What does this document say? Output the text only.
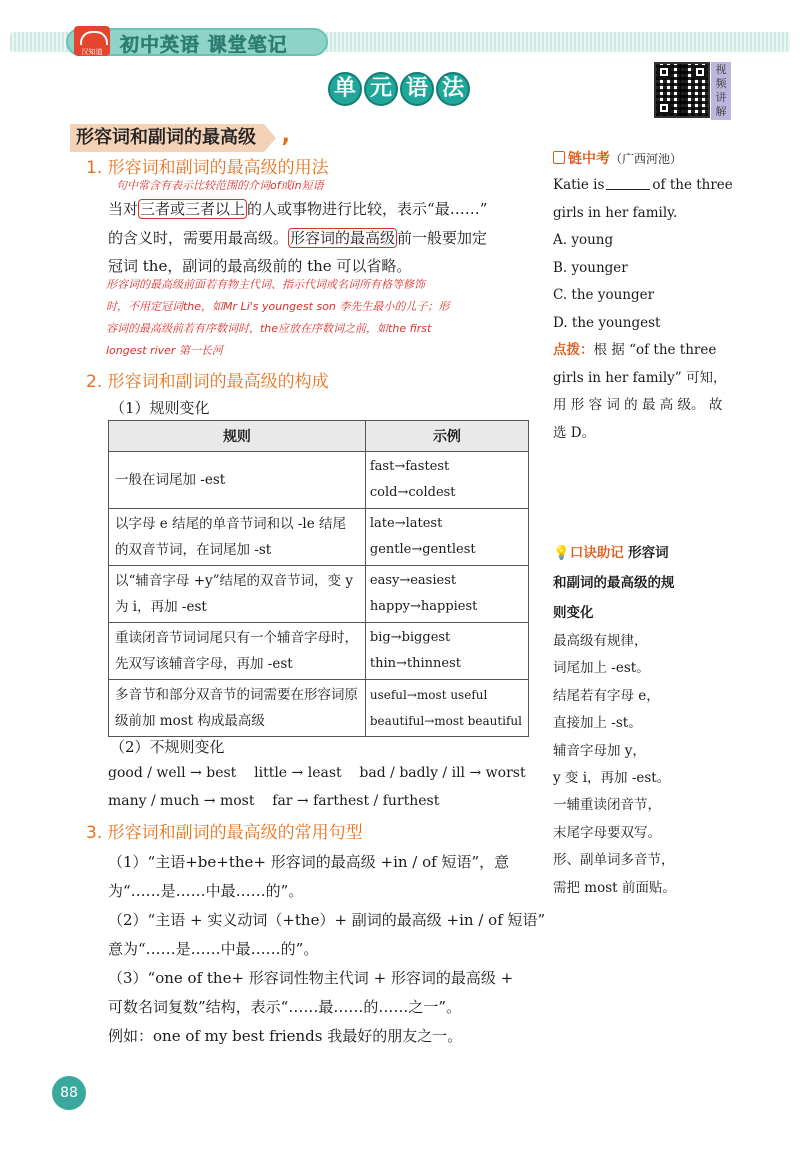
汉知道 初中英语 课堂笔记
单 元 语 法
视
频
讲
解
形容词和副词的最高级 ,
1. 形容词和副词的最高级的用法
句中常含有表示比较范围的介词of或in短语
当对 三者或三者以上 的人或事物进行比较，表示“最……”
的含义时，需要用最高级。 形容词的最高级 前一般要加定
冠词 the，副词的最高级前的 the 可以省略。
形容词的最高级前面若有物主代词、指示代词或名词所有格等修饰
时，不用定冠词the，如Mr Li's youngest son 李先生最小的儿子；形
容词的最高级前若有序数词时，the应放在序数词之前，如the first
longest river 第一长河
2. 形容词和副词的最高级的构成
（1）规则变化
规则	示例
一般在词尾加 -est	fast→fastest
cold→coldest

以字母 e 结尾的单音节词和以 -le 结尾的双音节词，在词尾加 -st	late→latest
gentle→gentlest

以“辅音字母 +y”结尾的双音节词，变 y 为 i，再加 -est	easy→easiest
happy→happiest

重读闭音节词词尾只有一个辅音字母时，先双写该辅音字母，再加 -est	big→biggest
thin→thinnest

多音节和部分双音节的词需要在形容词原级前加 most 构成最高级	useful→most useful
beautiful→most beautiful
（2）不规则变化
good / well → best    little → least    bad / badly / ill → worst
many / much → most    far → farthest / furthest
3. 形容词和副词的最高级的常用句型
（1）“主语+be+the+ 形容词的最高级 +in / of 短语”，意
为“……是……中最……的”。
（2）“主语 + 实义动词（+the）+ 副词的最高级 +in / of 短语”
意为“……是……中最……的”。
（3）“one of the+ 形容词性物主代词 + 形容词的最高级 +
可数名词复数”结构，表示“……最……的……之一”。
例如：one of my best friends 我最好的朋友之一。
链中考（广西河池）
Katie is	of the three
girls in her family.
A. young
B. younger
C. the younger
D. the youngest
点拨：根 据 “of the three
girls in her family” 可知，
用 形 容 词 的 最 高 级。 故
选 D。
💡口诀助记 形容词
和副词的最高级的规
则变化
最高级有规律，
词尾加上 -est。
结尾若有字母 e，
直接加上 -st。
辅音字母加 y，
y 变 i，再加 -est。
一辅重读闭音节，
末尾字母要双写。
形、副单词多音节，
需把 most 前面贴。
88
